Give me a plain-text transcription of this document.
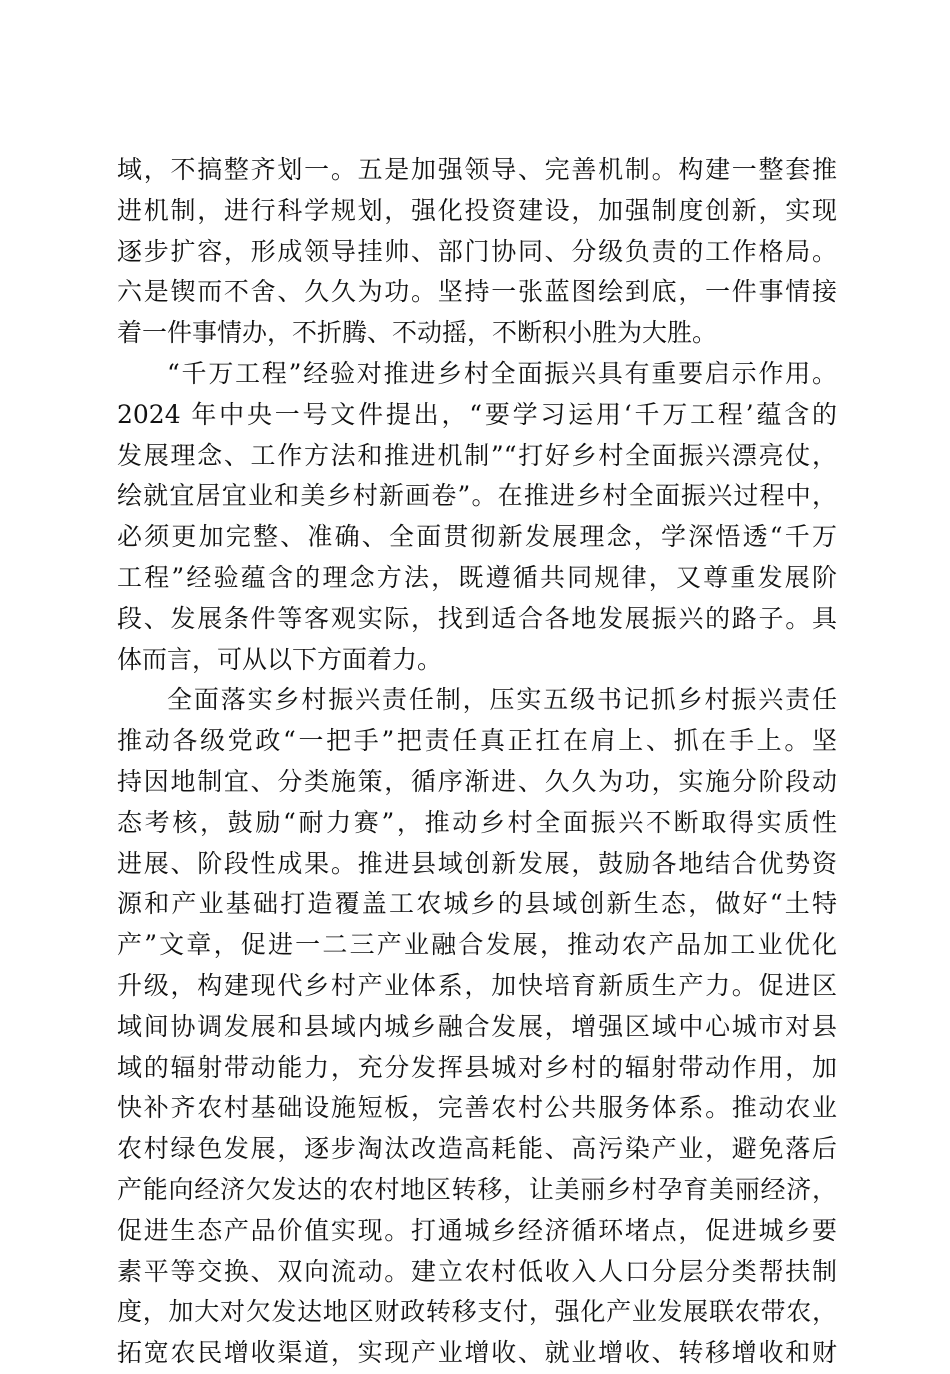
域，不搞整齐划一。五是加强领导、完善机制。构建一整套推
进机制，进行科学规划，强化投资建设，加强制度创新，实现
逐步扩容，形成领导挂帅、部门协同、分级负责的工作格局。
六是锲而不舍、久久为功。坚持一张蓝图绘到底，一件事情接
着一件事情办，不折腾、不动摇，不断积小胜为大胜。
“千万工程”经验对推进乡村全面振兴具有重要启示作用。
2024 年中央一号文件提出，“要学习运用‘千万工程’蕴含的
发展理念、工作方法和推进机制”“打好乡村全面振兴漂亮仗，
绘就宜居宜业和美乡村新画卷”。在推进乡村全面振兴过程中，
必须更加完整、准确、全面贯彻新发展理念，学深悟透“千万
工程”经验蕴含的理念方法，既遵循共同规律，又尊重发展阶
段、发展条件等客观实际，找到适合各地发展振兴的路子。具
体而言，可从以下方面着力。
全面落实乡村振兴责任制，压实五级书记抓乡村振兴责任
推动各级党政“一把手”把责任真正扛在肩上、抓在手上。坚
持因地制宜、分类施策，循序渐进、久久为功，实施分阶段动
态考核，鼓励“耐力赛”，推动乡村全面振兴不断取得实质性
进展、阶段性成果。推进县域创新发展，鼓励各地结合优势资
源和产业基础打造覆盖工农城乡的县域创新生态，做好“土特
产”文章，促进一二三产业融合发展，推动农产品加工业优化
升级，构建现代乡村产业体系，加快培育新质生产力。促进区
域间协调发展和县域内城乡融合发展，增强区域中心城市对县
域的辐射带动能力，充分发挥县城对乡村的辐射带动作用，加
快补齐农村基础设施短板，完善农村公共服务体系。推动农业
农村绿色发展，逐步淘汰改造高耗能、高污染产业，避免落后
产能向经济欠发达的农村地区转移，让美丽乡村孕育美丽经济，
促进生态产品价值实现。打通城乡经济循环堵点，促进城乡要
素平等交换、双向流动。建立农村低收入人口分层分类帮扶制
度，加大对欠发达地区财政转移支付，强化产业发展联农带农，
拓宽农民增收渠道，实现产业增收、就业增收、转移增收和财
